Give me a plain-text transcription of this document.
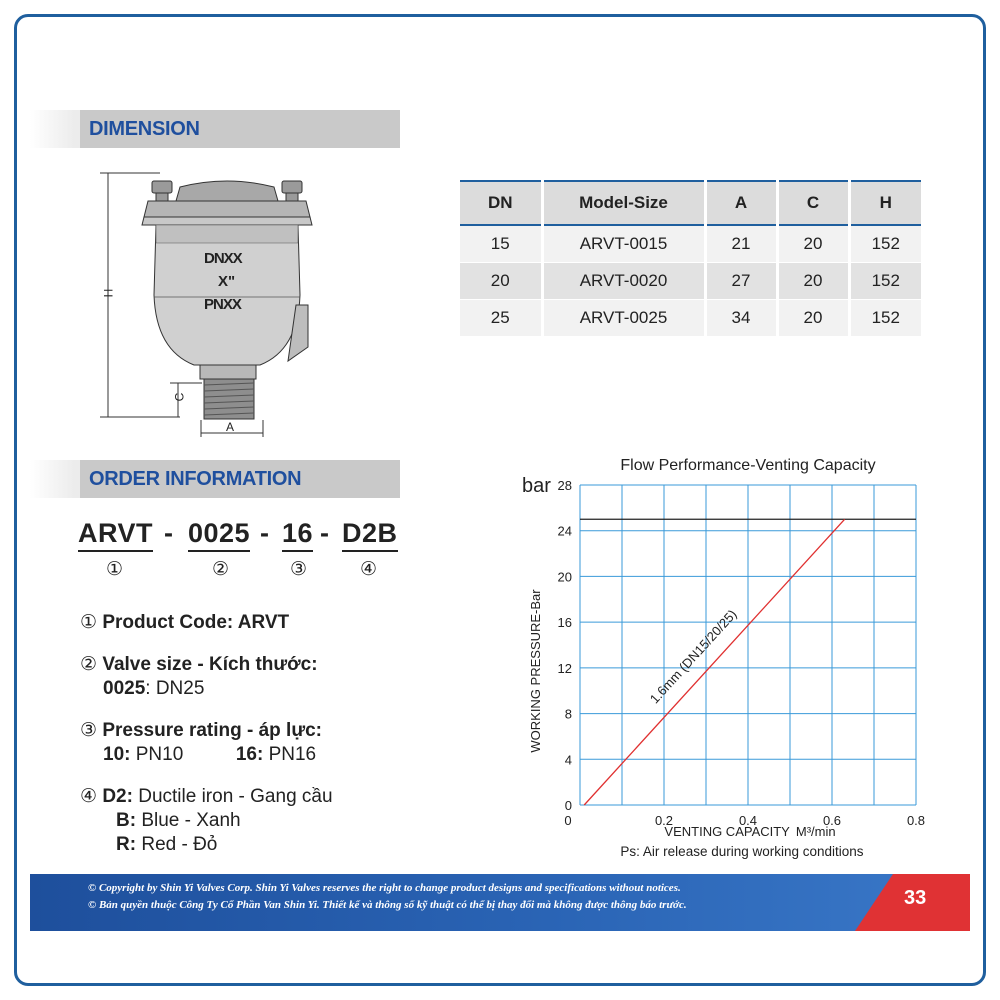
DIMENSION
DNXX
X"
PNXX
H
C
A
DN	Model-Size	A	C	H
15	ARVT-0015	21	20	152
20	ARVT-0020	27	20	152
25	ARVT-0025	34	20	152
ORDER INFORMATION
ARVT - 0025 - 16 - D2B
①	②	③	④
① Product Code: ARVT
② Valve size - Kích thước:
0025: DN25
③ Pressure rating - áp lực:
10: PN10	16: PN16
④ D2: Ductile iron - Gang cầu
B: Blue - Xanh
R: Red - Đỏ
Flow Performance-Venting Capacity
bar
WORKING PRESSURE-Bar
0
4
8
12
16
20
24
28
0	0.2	0.4	0.6	0.8
1.6mm (DN15/20/25)
VENTING CAPACITY M³/min
Ps: Air release during working conditions
© Copyright by Shin Yi Valves Corp. Shin Yi Valves reserves the right to change product designs and specifications without notices.
© Bản quyền thuộc Công Ty Cổ Phần Van Shin Yi. Thiết kế và thông số kỹ thuật có thể bị thay đổi mà không được thông báo trước.	33
